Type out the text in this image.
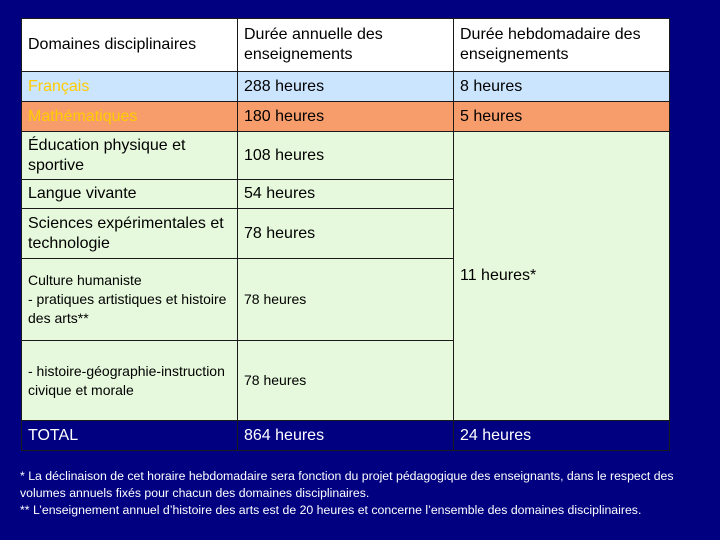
Domaines disciplinaires	Durée annuelle des enseignements	Durée hebdomadaire des enseignements
Français	288 heures	8 heures
Mathématiques	180 heures	5 heures
Éducation physique et sportive	108 heures	11 heures*
Langue vivante	54 heures	
Sciences expérimentales et technologie	78 heures	
Culture humaniste
- pratiques artistiques et histoire
des arts**	78 heures	
- histoire-géographie-instruction civique et morale	78 heures	
TOTAL	864 heures	24 heures

* La déclinaison de cet horaire hebdomadaire sera fonction du projet pédagogique des enseignants, dans le respect des volumes annuels fixés pour chacun des domaines disciplinaires.

** L’enseignement annuel d’histoire des arts est de 20 heures et concerne l’ensemble des domaines disciplinaires.
